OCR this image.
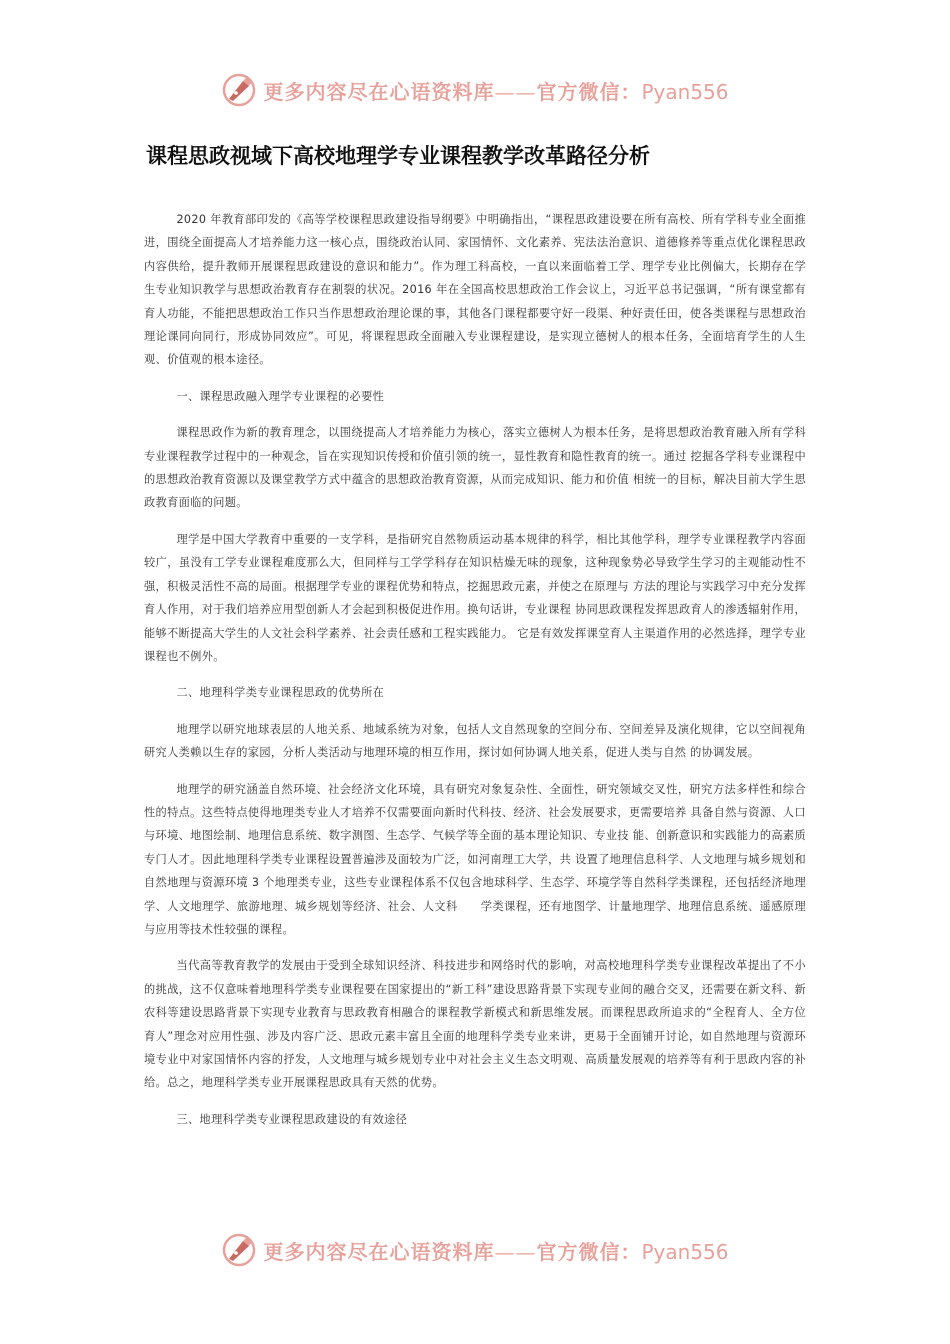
更多内容尽在心语资料库——官方微信：Pyan556
课程思政视域下高校地理学专业课程教学改革路径分析

2020 年教育部印发的《高等学校课程思政建设指导纲要》中明确指出，“课程思政建设要在所有高校、所有学科专业全面推进，围绕全面提高人才培养能力这一核心点，围绕政治认同、家国情怀、文化素养、宪法法治意识、道德修养等重点优化课程思政内容供给，提升教师开展课程思政建设的意识和能力”。作为理工科高校，一直以来面临着工学、理学专业比例偏大，长期存在学生专业知识教学与思想政治教育存在割裂的状况。2016 年在全国高校思想政治工作会议上，习近平总书记强调，“所有课堂都有育人功能，不能把思想政治工作只当作思想政治理论课的事，其他各门课程都要守好一段渠、种好责任田，使各类课程与思想政治理论课同向同行，形成协同效应”。可见，将课程思政全面融入专业课程建设，是实现立德树人的根本任务，全面培育学生的人生观、价值观的根本途径。

一、课程思政融入理学专业课程的必要性

课程思政作为新的教育理念，以围绕提高人才培养能力为核心，落实立德树人为根本任务，是将思想政治教育融入所有学科专业课程教学过程中的一种观念，旨在实现知识传授和价值引领的统一，显性教育和隐性教育的统一。通过 挖掘各学科专业课程中的思想政治教育资源以及课堂教学方式中蕴含的思想政治教育资源，从而完成知识、能力和价值 相统一的目标，解决目前大学生思政教育面临的问题。

理学是中国大学教育中重要的一支学科，是指研究自然物质运动基本规律的科学，相比其他学科，理学专业课程教学内容面较广，虽没有工学专业课程难度那么大，但同样与工学学科存在知识枯燥无味的现象，这种现象势必导致学生学习的主观能动性不强，积极灵活性不高的局面。根据理学专业的课程优势和特点，挖掘思政元素，并使之在原理与 方法的理论与实践学习中充分发挥育人作用，对于我们培养应用型创新人才会起到积极促进作用。换句话讲，专业课程 协同思政课程发挥思政育人的渗透辐射作用，能够不断提高大学生的人文社会科学素养、社会责任感和工程实践能力。 它是有效发挥课堂育人主渠道作用的必然选择，理学专业课程也不例外。

二、地理科学类专业课程思政的优势所在

地理学以研究地球表层的人地关系、地域系统为对象，包括人文自然现象的空间分布、空间差异及演化规律，它以空间视角研究人类赖以生存的家园，分析人类活动与地理环境的相互作用，探讨如何协调人地关系，促进人类与自然 的协调发展。

地理学的研究涵盖自然环境、社会经济文化环境，具有研究对象复杂性、全面性，研究领域交叉性，研究方法多样性和综合性的特点。这些特点使得地理类专业人才培养不仅需要面向新时代科技、经济、社会发展要求，更需要培养 具备自然与资源、人口与环境、地图绘制、地理信息系统、数字测图、生态学、气候学等全面的基本理论知识、专业技 能、创新意识和实践能力的高素质专门人才。因此地理科学类专业课程设置普遍涉及面较为广泛，如河南理工大学，共 设置了地理信息科学、人文地理与城乡规划和自然地理与资源环境 3 个地理类专业，这些专业课程体系不仅包含地球科学、生态学、环境学等自然科学类课程，还包括经济地理学、人文地理学、旅游地理、城乡规划等经济、社会、人文科　　学类课程，还有地图学、计量地理学、地理信息系统、遥感原理与应用等技术性较强的课程。

当代高等教育教学的发展由于受到全球知识经济、科技进步和网络时代的影响，对高校地理科学类专业课程改革提出了不小的挑战，这不仅意味着地理科学类专业课程要在国家提出的“新工科”建设思路背景下实现专业间的融合交叉，还需要在新文科、新农科等建设思路背景下实现专业教育与思政教育相融合的课程教学新模式和新思维发展。而课程思政所追求的“全程育人、全方位育人”理念对应用性强、涉及内容广泛、思政元素丰富且全面的地理科学类专业来讲，更易于全面铺开讨论，如自然地理与资源环境专业中对家国情怀内容的抒发，人文地理与城乡规划专业中对社会主义生态文明观、高质量发展观的培养等有利于思政内容的补给。总之，地理科学类专业开展课程思政具有天然的优势。

三、地理科学类专业课程思政建设的有效途径

更多内容尽在心语资料库——官方微信：Pyan556
